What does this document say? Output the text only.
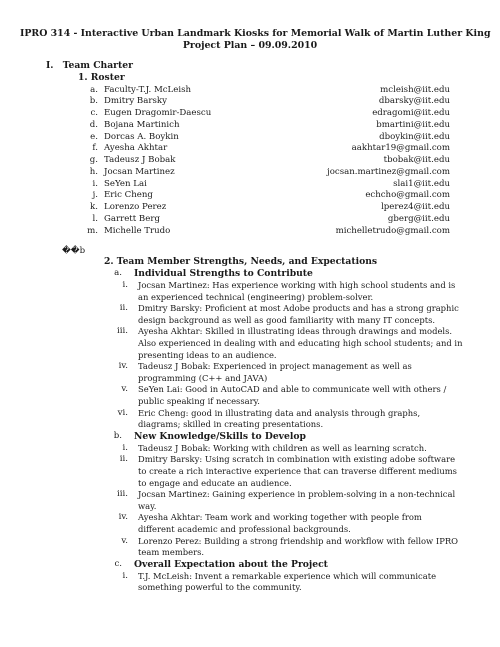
IPRO 314 - Interactive Urban Landmark Kiosks for Memorial Walk of Martin Luther King
Project Plan – 09.09.2010
I. Team Charter
1. Roster
��b
2. Team Member Strengths, Needs, and Expectations
a. Faculty-T.J. McLeish	mcleish@iit.edu
b. Dmitry Barsky	dbarsky@iit.edu
c. Eugen Dragomir-Daescu	edragomi@iit.edu
d. Bojana Martinich	bmartini@iit.edu
e. Dorcas A. Boykin	dboykin@iit.edu
f. Ayesha Akhtar	aakhtar19@gmail.com
g. Tadeusz J Bobak	tbobak@iit.edu
h. Jocsan Martinez	jocsan.martinez@gmail.com
i. SeYen Lai	slai1@iit.edu
j. Eric Cheng	echcho@gmail.com
k. Lorenzo Perez	lperez4@iit.edu
l. Garrett Berg	gberg@iit.edu
m. Michelle Trudo	michelletrudo@gmail.com
a. Individual Strengths to Contribute
i. Jocsan Martinez: Has experience working with high school students and is
an experienced technical (engineering) problem-solver.
ii. Dmitry Barsky: Proficient at most Adobe products and has a strong graphic
design background as well as good familiarity with many IT concepts.
iii. Ayesha Akhtar: Skilled in illustrating ideas through drawings and models.
Also experienced in dealing with and educating high school students; and in
presenting ideas to an audience.
iv. Tadeusz J Bobak: Experienced in project management as well as
programming (C++ and JAVA)
v. SeYen Lai: Good in AutoCAD and able to communicate well with others /
public speaking if necessary.
vi. Eric Cheng: good in illustrating data and analysis through graphs,
diagrams; skilled in creating presentations.
b. New Knowledge/Skills to Develop
i. Tadeusz J Bobak: Working with children as well as learning scratch.
ii. Dmitry Barsky: Using scratch in combination with existing adobe software
to create a rich interactive experience that can traverse different mediums
to engage and educate an audience.
iii. Jocsan Martinez: Gaining experience in problem-solving in a non-technical
way.
iv. Ayesha Akhtar: Team work and working together with people from
different academic and professional backgrounds.
v. Lorenzo Perez: Building a strong friendship and workflow with fellow IPRO
team members.
c. Overall Expectation about the Project
i. T.J. McLeish: Invent a remarkable experience which will communicate
something powerful to the community.
